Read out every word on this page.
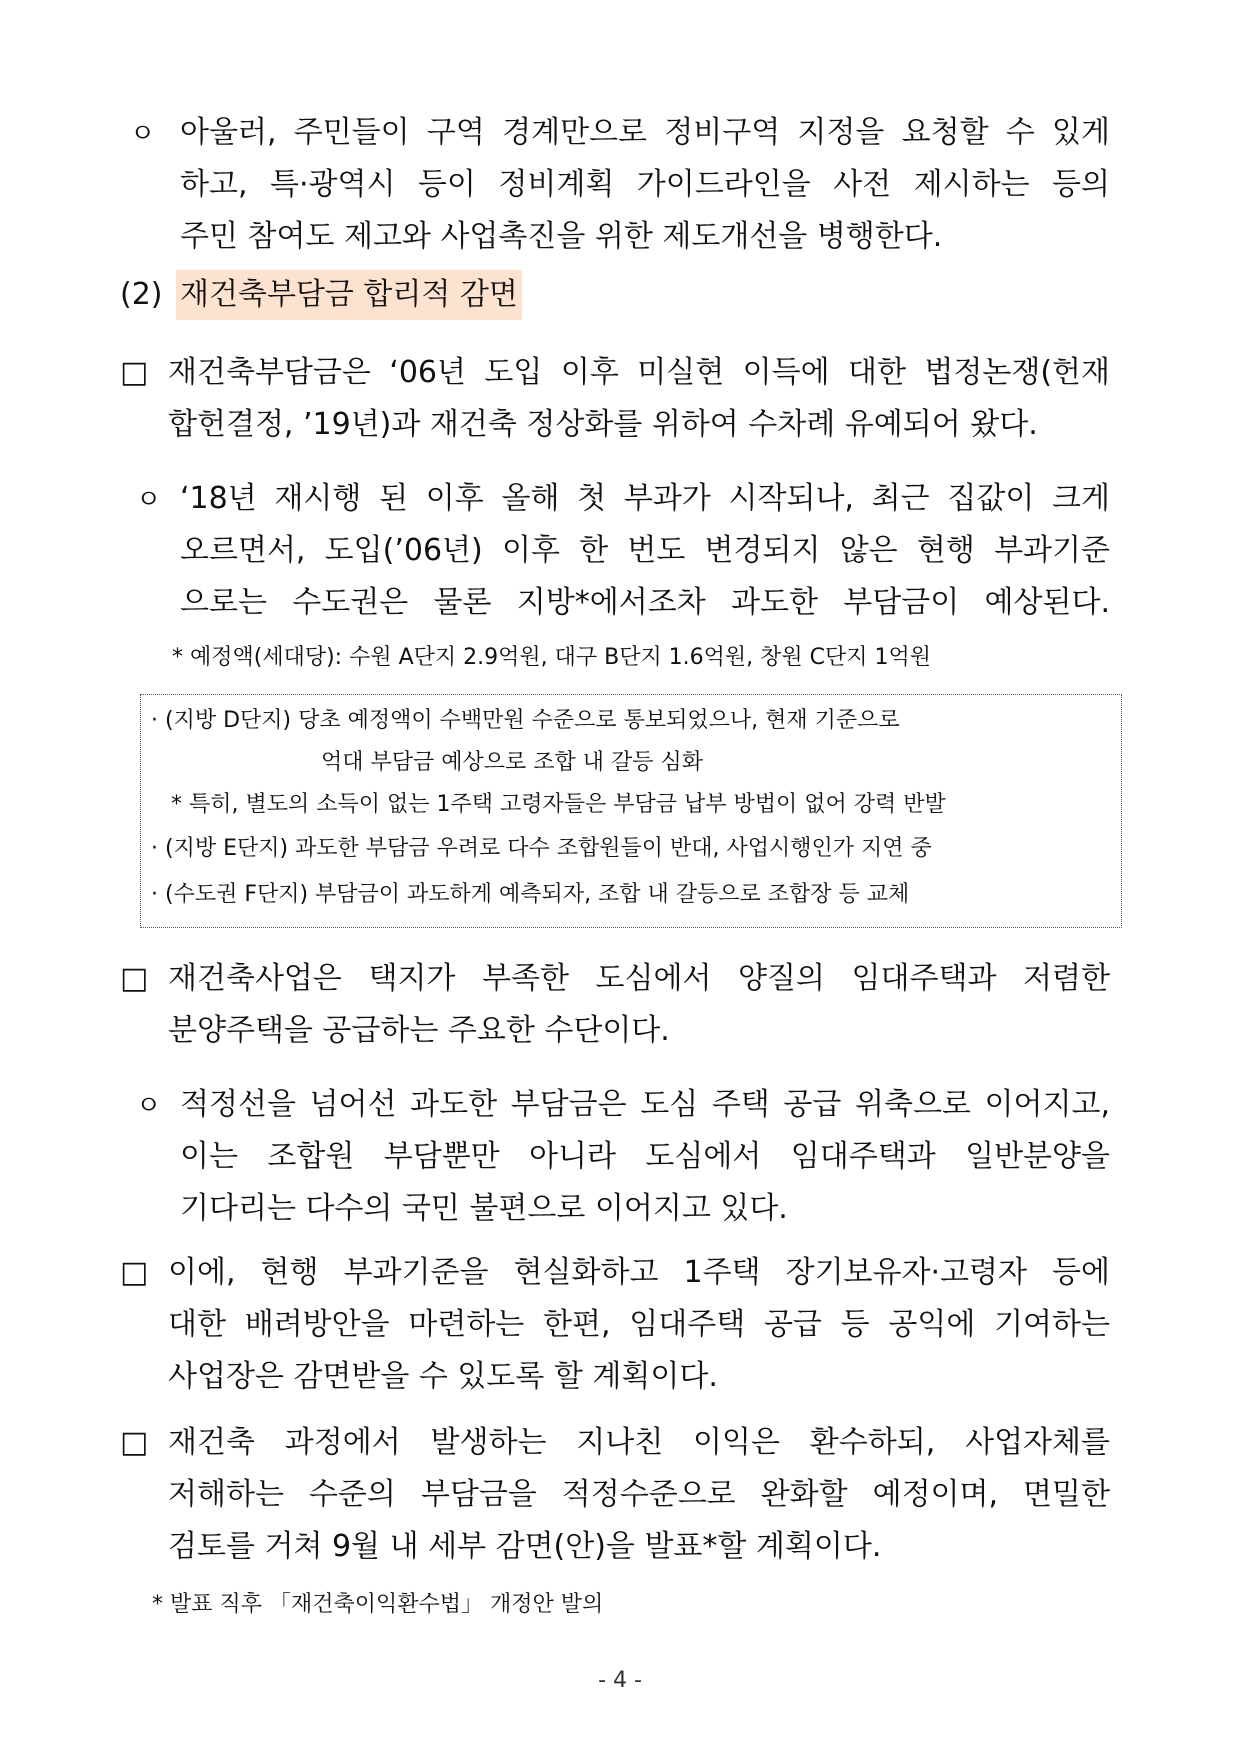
ㅇ 아울러, 주민들이 구역 경계만으로 정비구역 지정을 요청할 수 있게
하고, 특·광역시 등이 정비계획 가이드라인을 사전 제시하는 등의
주민 참여도 제고와 사업촉진을 위한 제도개선을 병행한다.
(2) 재건축부담금 합리적 감면
□ 재건축부담금은 ‘06년 도입 이후 미실현 이득에 대한 법정논쟁(헌재
합헌결정, ’19년)과 재건축 정상화를 위하여 수차례 유예되어 왔다.
ㅇ ‘18년 재시행 된 이후 올해 첫 부과가 시작되나, 최근 집값이 크게
오르면서, 도입(’06년) 이후 한 번도 변경되지 않은 현행 부과기준
으로는 수도권은 물론 지방*에서조차 과도한 부담금이 예상된다.
* 예정액(세대당): 수원 A단지 2.9억원, 대구 B단지 1.6억원, 창원 C단지 1억원
· (지방 D단지) 당초 예정액이 수백만원 수준으로 통보되었으나, 현재 기준으로
억대 부담금 예상으로 조합 내 갈등 심화
* 특히, 별도의 소득이 없는 1주택 고령자들은 부담금 납부 방법이 없어 강력 반발
· (지방 E단지) 과도한 부담금 우려로 다수 조합원들이 반대, 사업시행인가 지연 중
· (수도권 F단지) 부담금이 과도하게 예측되자, 조합 내 갈등으로 조합장 등 교체
□ 재건축사업은 택지가 부족한 도심에서 양질의 임대주택과 저렴한
분양주택을 공급하는 주요한 수단이다.
ㅇ 적정선을 넘어선 과도한 부담금은 도심 주택 공급 위축으로 이어지고,
이는 조합원 부담뿐만 아니라 도심에서 임대주택과 일반분양을
기다리는 다수의 국민 불편으로 이어지고 있다.
□ 이에, 현행 부과기준을 현실화하고 1주택 장기보유자·고령자 등에
대한 배려방안을 마련하는 한편, 임대주택 공급 등 공익에 기여하는
사업장은 감면받을 수 있도록 할 계획이다.
□ 재건축 과정에서 발생하는 지나친 이익은 환수하되, 사업자체를
저해하는 수준의 부담금을 적정수준으로 완화할 예정이며, 면밀한
검토를 거쳐 9월 내 세부 감면(안)을 발표*할 계획이다.
* 발표 직후 「재건축이익환수법」 개정안 발의
- 4 -
